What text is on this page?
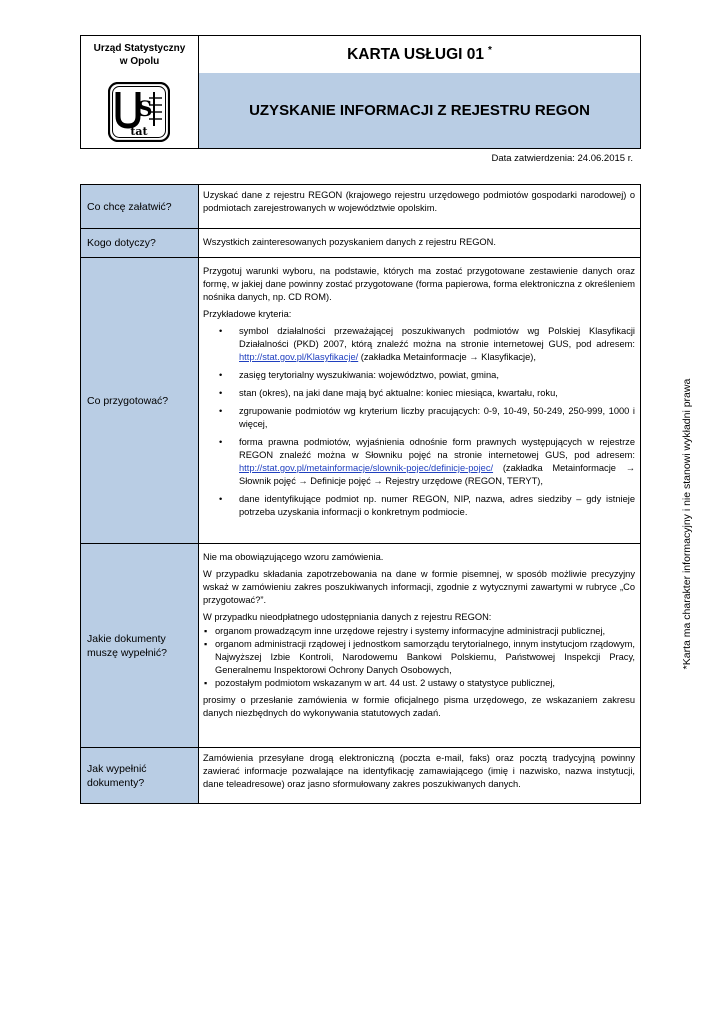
Urząd Statystyczny
w Opolu
S
tat
KARTA USŁUGI 01 *
UZYSKANIE INFORMACJI Z REJESTRU REGON
Data zatwierdzenia: 24.06.2015 r.
Co chcę załatwić?

Uzyskać dane z rejestru REGON (krajowego rejestru urzędowego podmiotów gospodarki narodowej) o podmiotach zarejestrowanych w województwie opolskim.

Kogo dotyczy?	Wszystkich zainteresowanych pozyskaniem danych z rejestru REGON.

Co przygotować?

Przygotuj warunki wyboru, na podstawie, których ma zostać przygotowane zestawienie danych oraz formę, w jakiej dane powinny zostać przygotowane (forma papierowa, forma elektroniczna z określeniem nośnika danych, np. CD ROM).

Przykładowe kryteria:

• symbol działalności przeważającej poszukiwanych podmiotów wg Polskiej Klasyfikacji Działalności (PKD) 2007, którą znaleźć można na stronie internetowej GUS, pod adresem: http://stat.gov.pl/Klasyfikacje/ (zakładka Metainformacje → Klasyfikacje),
• zasięg terytorialny wyszukiwania: województwo, powiat, gmina,
• stan (okres), na jaki dane mają być aktualne: koniec miesiąca, kwartału, roku,
• zgrupowanie podmiotów wg kryterium liczby pracujących: 0-9, 10-49, 50-249, 250-999, 1000 i więcej,
• forma prawna podmiotów, wyjaśnienia odnośnie form prawnych występujących w rejestrze REGON znaleźć można w Słowniku pojęć na stronie internetowej GUS, pod adresem: http://stat.gov.pl/metainformacje/slownik-pojec/definicje-pojec/ (zakładka Metainformacje → Słownik pojęć → Definicje pojęć → Rejestry urzędowe (REGON, TERYT),
• dane identyfikujące podmiot np. numer REGON, NIP, nazwa, adres siedziby – gdy istnieje potrzeba uzyskania informacji o konkretnym podmiocie.
Jakie dokumenty muszę wypełnić?

Nie ma obowiązującego wzoru zamówienia.

W przypadku składania zapotrzebowania na dane w formie pisemnej, w sposób możliwie precyzyjny wskaż w zamówieniu zakres poszukiwanych informacji, zgodnie z wytycznymi zawartymi w rubryce „Co przygotować?”.

W przypadku nieodpłatnego udostępniania danych z rejestru REGON:

▪ organom prowadzącym inne urzędowe rejestry i systemy informacyjne administracji publicznej,
▪ organom administracji rządowej i jednostkom samorządu terytorialnego, innym instytucjom rządowym, Najwyższej Izbie Kontroli, Narodowemu Bankowi Polskiemu, Państwowej Inspekcji Pracy, Generalnemu Inspektorowi Ochrony Danych Osobowych,
▪ pozostałym podmiotom wskazanym w art. 44 ust. 2 ustawy o statystyce publicznej,

prosimy o przesłanie zamówienia w formie oficjalnego pisma urzędowego, ze wskazaniem zakresu danych niezbędnych do wykonywania statutowych zadań.

Jak wypełnić dokumenty?

Zamówienia przesyłane drogą elektroniczną (poczta e-mail, faks) oraz pocztą tradycyjną powinny zawierać informacje pozwalające na identyfikację zamawiającego (imię i nazwisko, nazwa instytucji, dane teleadresowe) oraz jasno sformułowany zakres poszukiwanych danych.

*Karta ma charakter informacyjny i nie stanowi wykładni prawa
